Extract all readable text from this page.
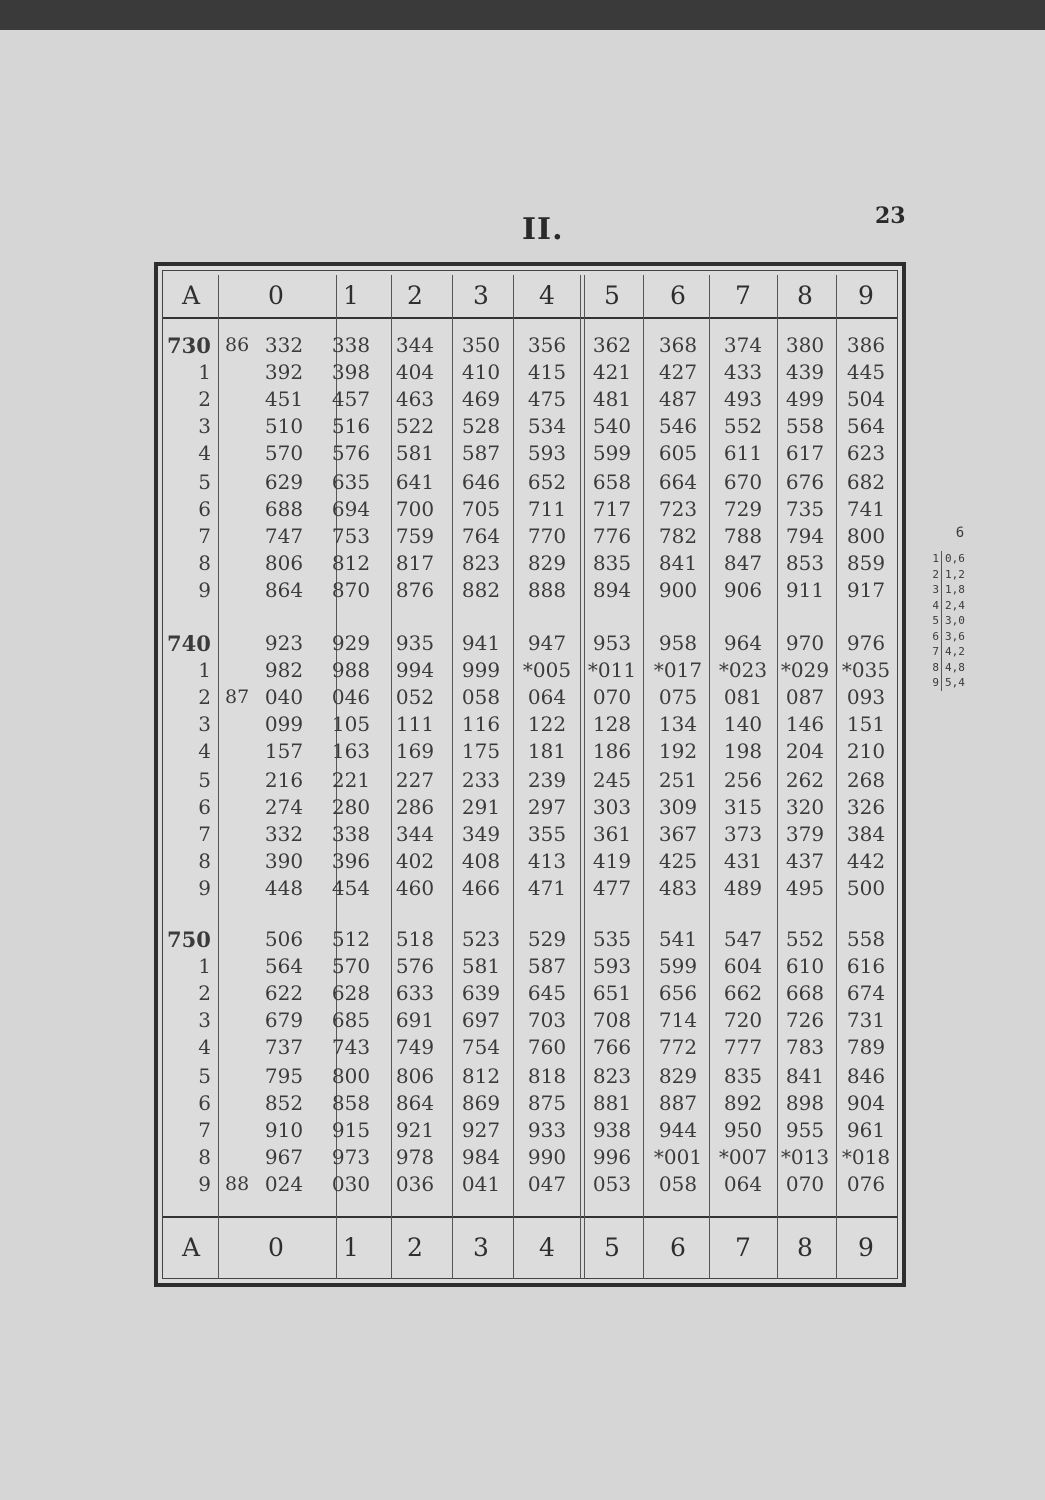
II.	23
A	0	1	2	3	4	5	6	7	8	9
730	332	338	344	350	356	362	368	374	380	386
1	392	398	404	410	415	421	427	433	439	445
2	451	457	463	469	475	481	487	493	499	504
3	510	516	522	528	534	540	546	552	558	564
4	570	576	581	587	593	599	605	611	617	623
5	629	635	641	646	652	658	664	670	676	682
6	688	694	700	705	711	717	723	729	735	741
7	747	753	759	764	770	776	782	788	794	800
8	806	812	817	823	829	835	841	847	853	859
9	864	870	876	882	888	894	900	906	911	917
86
740	923	929	935	941	947	953	958	964	970	976
1	982	988	994	999	*005 *011 *017 *023 *029 *035
2	040	046	052	058	064	070	075	081	087	093
3	099	105	111	116	122	128	134	140	146	151
4	157	163	169	175	181	186	192	198	204	210
5	216	221	227	233	239	245	251	256	262	268
6	274	280	286	291	297	303	309	315	320	326
7	332	338	344	349	355	361	367	373	379	384
8	390	396	402	408	413	419	425	431	437	442
9	448	454	460	466	471	477	483	489	495	500
87
750	506	512	518	523	529	535	541	547	552	558
1	564	570	576	581	587	593	599	604	610	616
2	622	628	633	639	645	651	656	662	668	674
3	679	685	691	697	703	708	714	720	726	731
4	737	743	749	754	760	766	772	777	783	789
5	795	800	806	812	818	823	829	835	841	846
6	852	858	864	869	875	881	887	892	898	904
7	910	915	921	927	933	938	944	950	955	961
8	967	973	978	984	990	996	*001 *007 *013 *018
9	024	030	036	041	047	053	058	064	070	076
88
A	0	1	2	3	4	5	6	7	8	9
6
1 0,6
2 1,2
3 1,8
4 2,4
5 3,0
6 3,6
7 4,2
8 4,8
9 5,4
